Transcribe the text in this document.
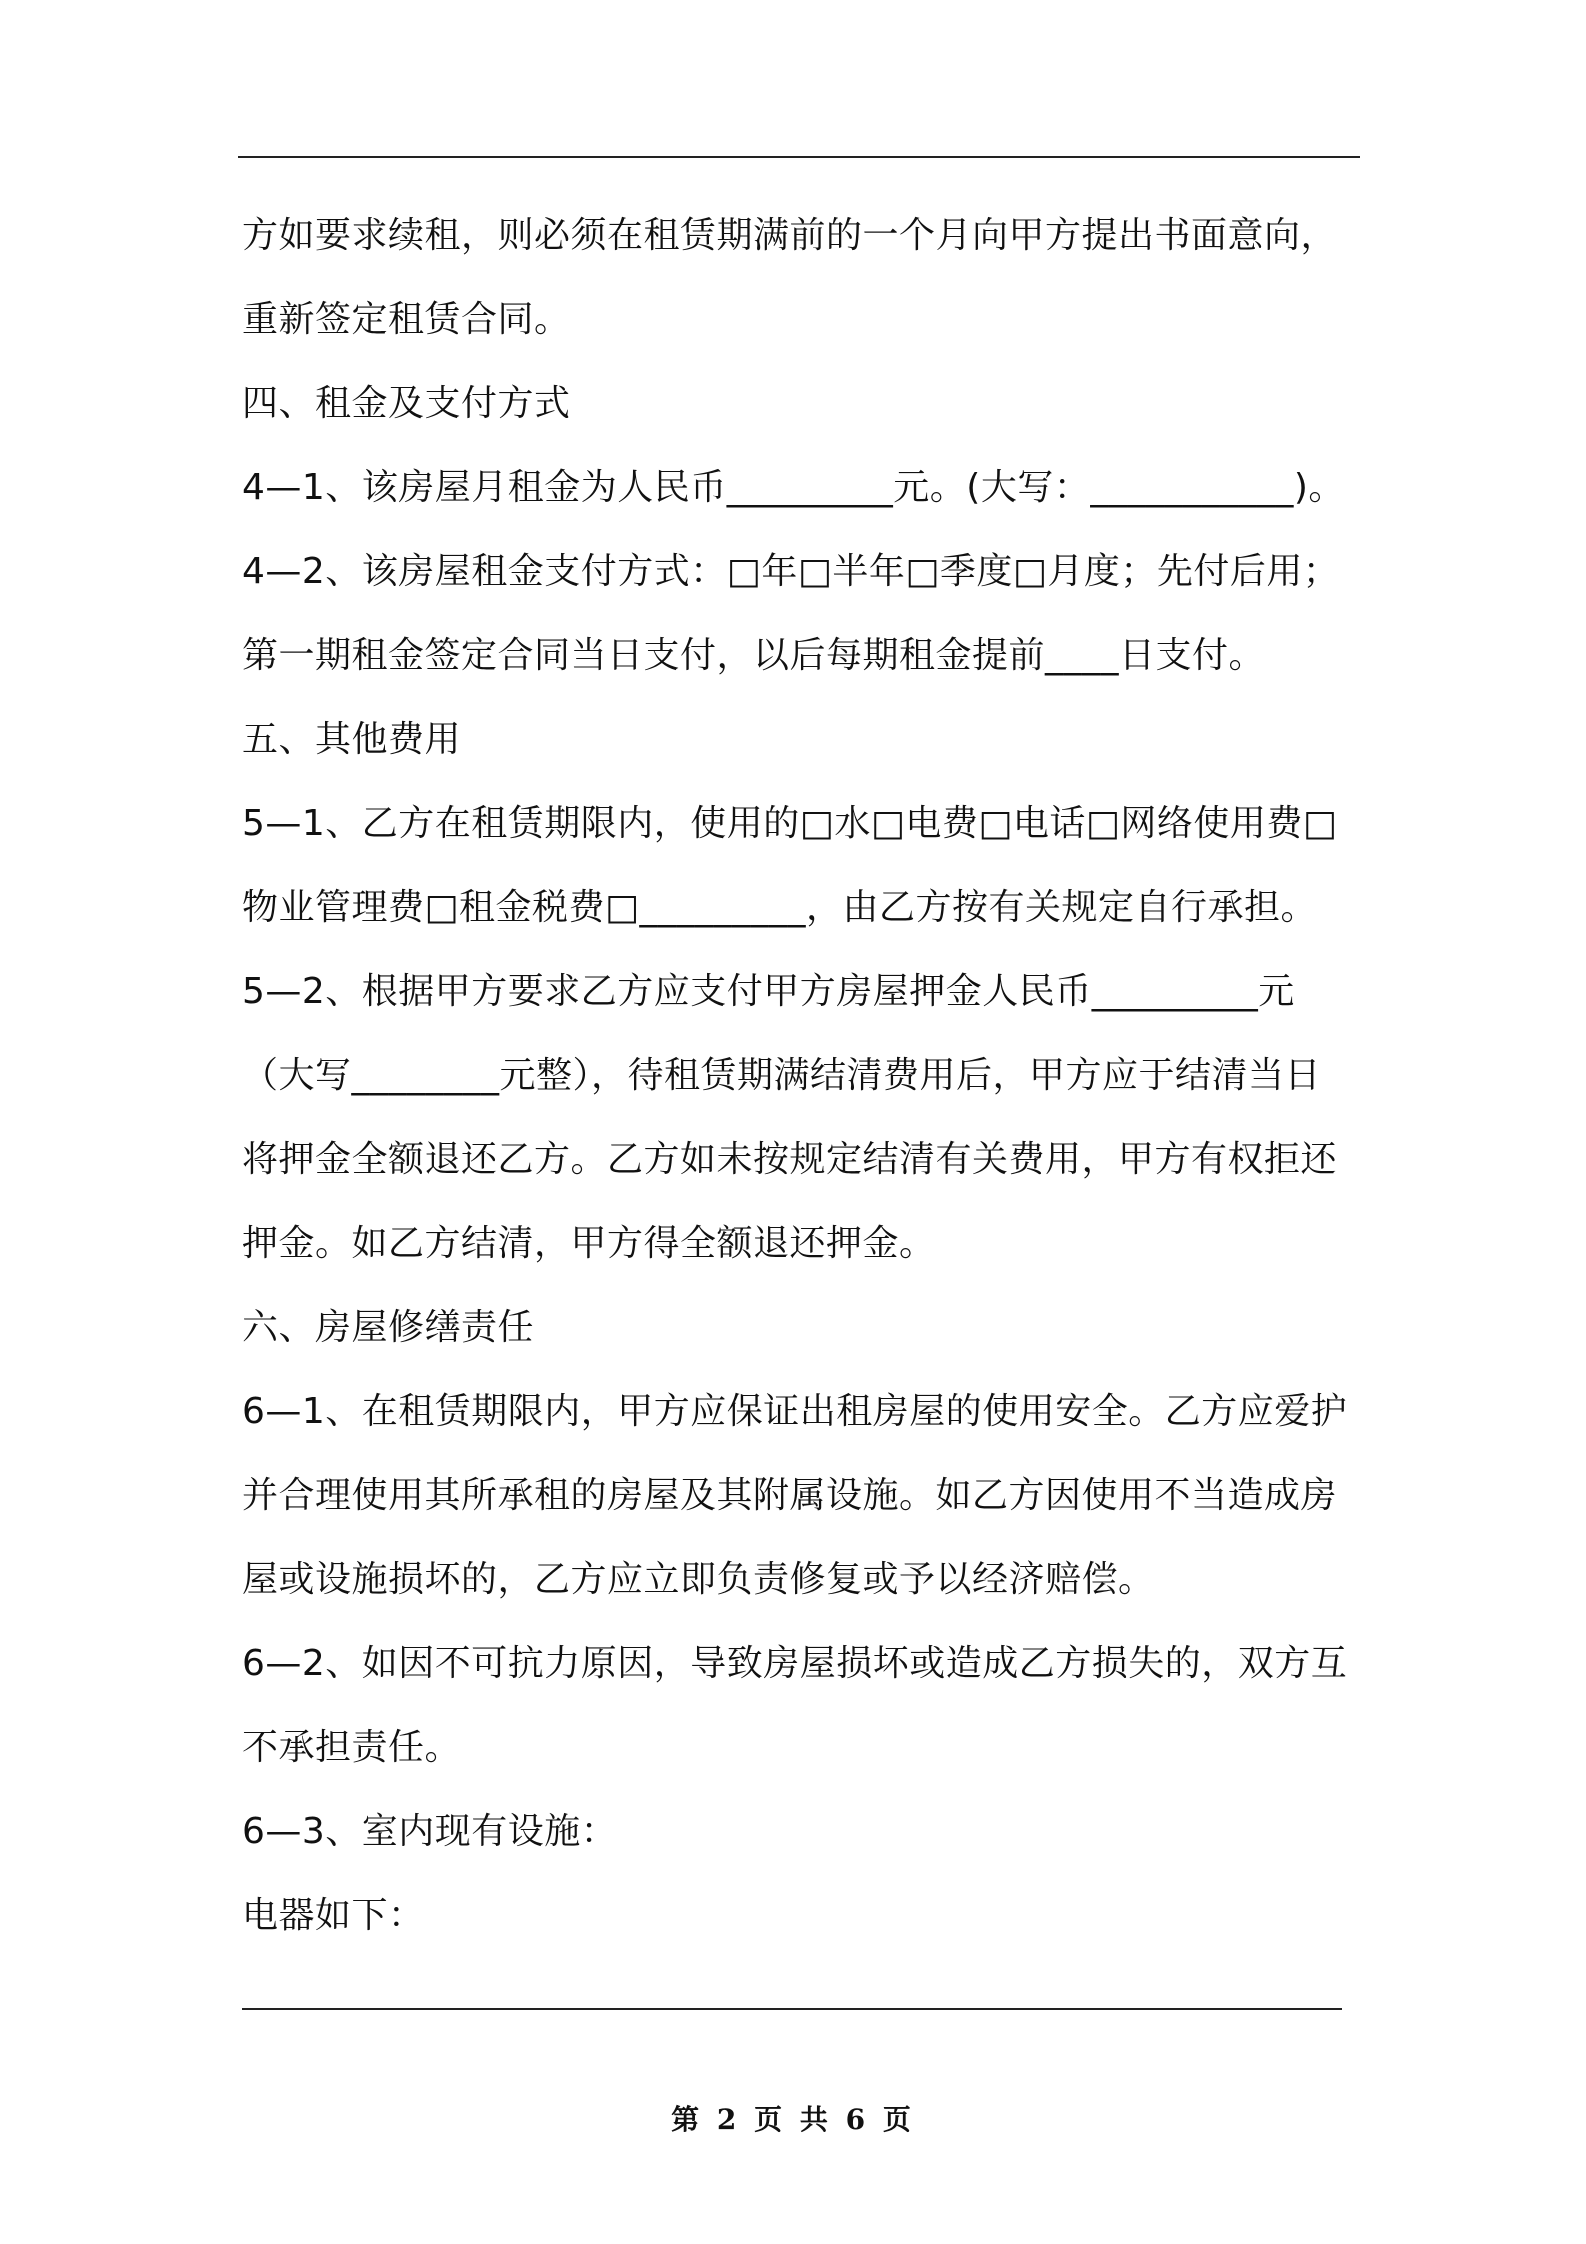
方如要求续租，则必须在租赁期满前的一个月向甲方提出书面意向，
重新签定租赁合同。
四、租金及支付方式
4—1、该房屋月租金为人民币_________元。(大写：___________)。
4—2、该房屋租金支付方式：□年□半年□季度□月度；先付后用；
第一期租金签定合同当日支付，以后每期租金提前____日支付。
五、其他费用
5—1、乙方在租赁期限内，使用的□水□电费□电话□网络使用费□
物业管理费□租金税费□_________，由乙方按有关规定自行承担。
5—2、根据甲方要求乙方应支付甲方房屋押金人民币_________元
（大写________元整），待租赁期满结清费用后，甲方应于结清当日
将押金全额退还乙方。乙方如未按规定结清有关费用，甲方有权拒还
押金。如乙方结清，甲方得全额退还押金。
六、房屋修缮责任
6—1、在租赁期限内，甲方应保证出租房屋的使用安全。乙方应爱护
并合理使用其所承租的房屋及其附属设施。如乙方因使用不当造成房
屋或设施损坏的，乙方应立即负责修复或予以经济赔偿。
6—2、如因不可抗力原因，导致房屋损坏或造成乙方损失的，双方互
不承担责任。
6—3、室内现有设施：
电器如下：
第 2 页 共 6 页
